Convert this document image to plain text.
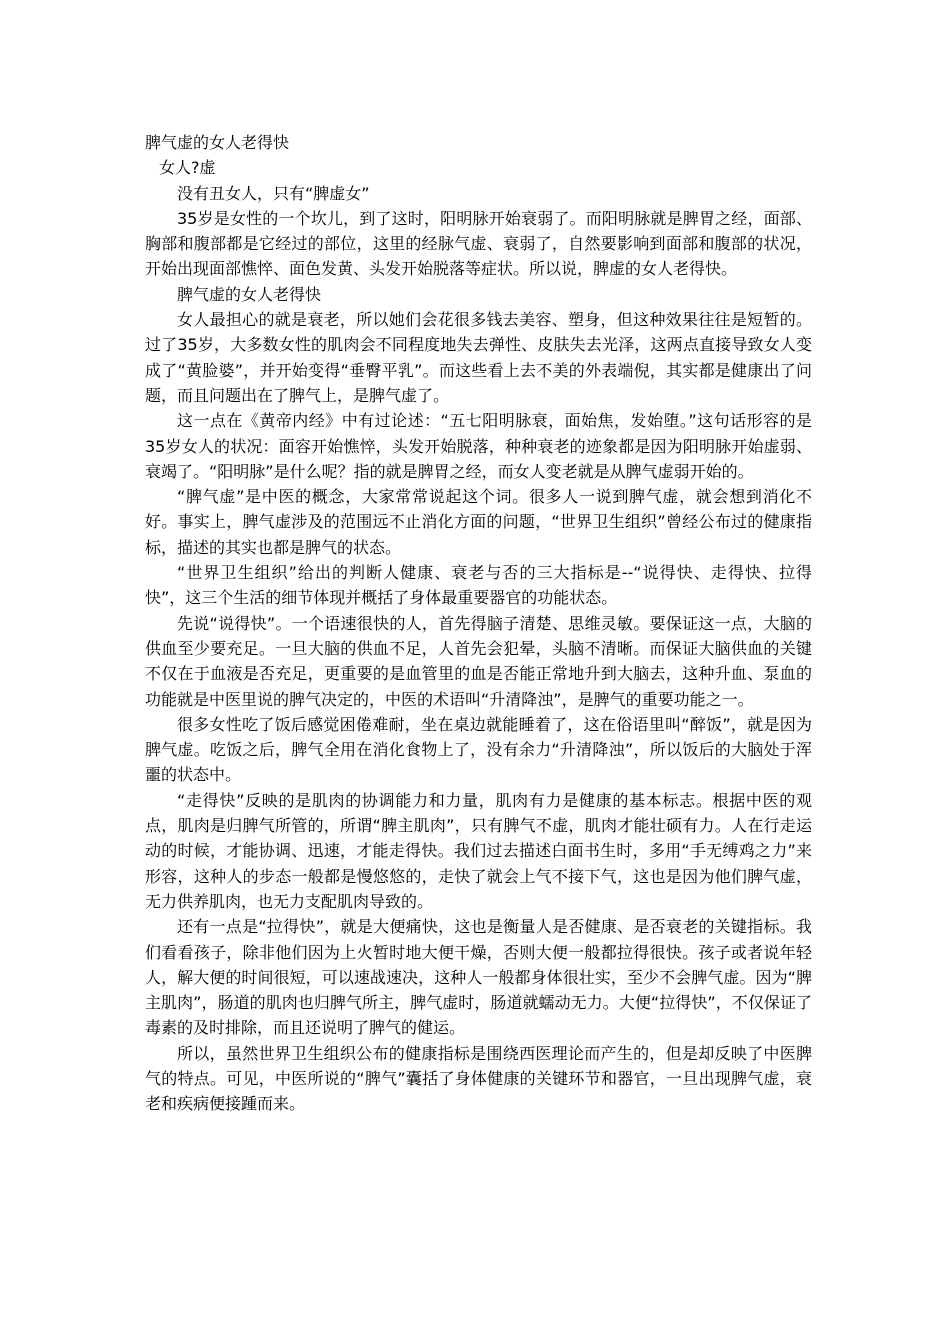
脾气虚的女人老得快

女人?虚

没有丑女人，只有“脾虚女”

35岁是女性的一个坎儿，到了这时，阳明脉开始衰弱了。而阳明脉就是脾胃之经，面部、胸部和腹部都是它经过的部位，这里的经脉气虚、衰弱了，自然要影响到面部和腹部的状况，开始出现面部憔悴、面色发黄、头发开始脱落等症状。所以说，脾虚的女人老得快。

脾气虚的女人老得快

女人最担心的就是衰老，所以她们会花很多钱去美容、塑身，但这种效果往往是短暂的。过了35岁，大多数女性的肌肉会不同程度地失去弹性、皮肤失去光泽，这两点直接导致女人变成了“黄脸婆”，并开始变得“垂臀平乳”。而这些看上去不美的外表端倪，其实都是健康出了问题，而且问题出在了脾气上，是脾气虚了。

这一点在《黄帝内经》中有过论述：“五七阳明脉衰，面始焦，发始堕。”这句话形容的是35岁女人的状况：面容开始憔悴，头发开始脱落，种种衰老的迹象都是因为阳明脉开始虚弱、衰竭了。“阳明脉”是什么呢？指的就是脾胃之经，而女人变老就是从脾气虚弱开始的。

“脾气虚”是中医的概念，大家常常说起这个词。很多人一说到脾气虚，就会想到消化不好。事实上，脾气虚涉及的范围远不止消化方面的问题，“世界卫生组织”曾经公布过的健康指标，描述的其实也都是脾气的状态。

“世界卫生组织”给出的判断人健康、衰老与否的三大指标是--“说得快、走得快、拉得快”，这三个生活的细节体现并概括了身体最重要器官的功能状态。

先说“说得快”。一个语速很快的人，首先得脑子清楚、思维灵敏。要保证这一点，大脑的供血至少要充足。一旦大脑的供血不足，人首先会犯晕，头脑不清晰。而保证大脑供血的关键不仅在于血液是否充足，更重要的是血管里的血是否能正常地升到大脑去，这种升血、泵血的功能就是中医里说的脾气决定的，中医的术语叫“升清降浊”，是脾气的重要功能之一。

很多女性吃了饭后感觉困倦难耐，坐在桌边就能睡着了，这在俗语里叫“醉饭”，就是因为脾气虚。吃饭之后，脾气全用在消化食物上了，没有余力“升清降浊”，所以饭后的大脑处于浑噩的状态中。

“走得快”反映的是肌肉的协调能力和力量，肌肉有力是健康的基本标志。根据中医的观点，肌肉是归脾气所管的，所谓“脾主肌肉”，只有脾气不虚，肌肉才能壮硕有力。人在行走运动的时候，才能协调、迅速，才能走得快。我们过去描述白面书生时，多用“手无缚鸡之力”来形容，这种人的步态一般都是慢悠悠的，走快了就会上气不接下气，这也是因为他们脾气虚，无力供养肌肉，也无力支配肌肉导致的。

还有一点是“拉得快”，就是大便痛快，这也是衡量人是否健康、是否衰老的关键指标。我们看看孩子，除非他们因为上火暂时地大便干燥，否则大便一般都拉得很快。孩子或者说年轻人，解大便的时间很短，可以速战速决，这种人一般都身体很壮实，至少不会脾气虚。因为“脾主肌肉”，肠道的肌肉也归脾气所主，脾气虚时，肠道就蠕动无力。大便“拉得快”，不仅保证了毒素的及时排除，而且还说明了脾气的健运。

所以，虽然世界卫生组织公布的健康指标是围绕西医理论而产生的，但是却反映了中医脾气的特点。可见，中医所说的“脾气”囊括了身体健康的关键环节和器官，一旦出现脾气虚，衰老和疾病便接踵而来。
